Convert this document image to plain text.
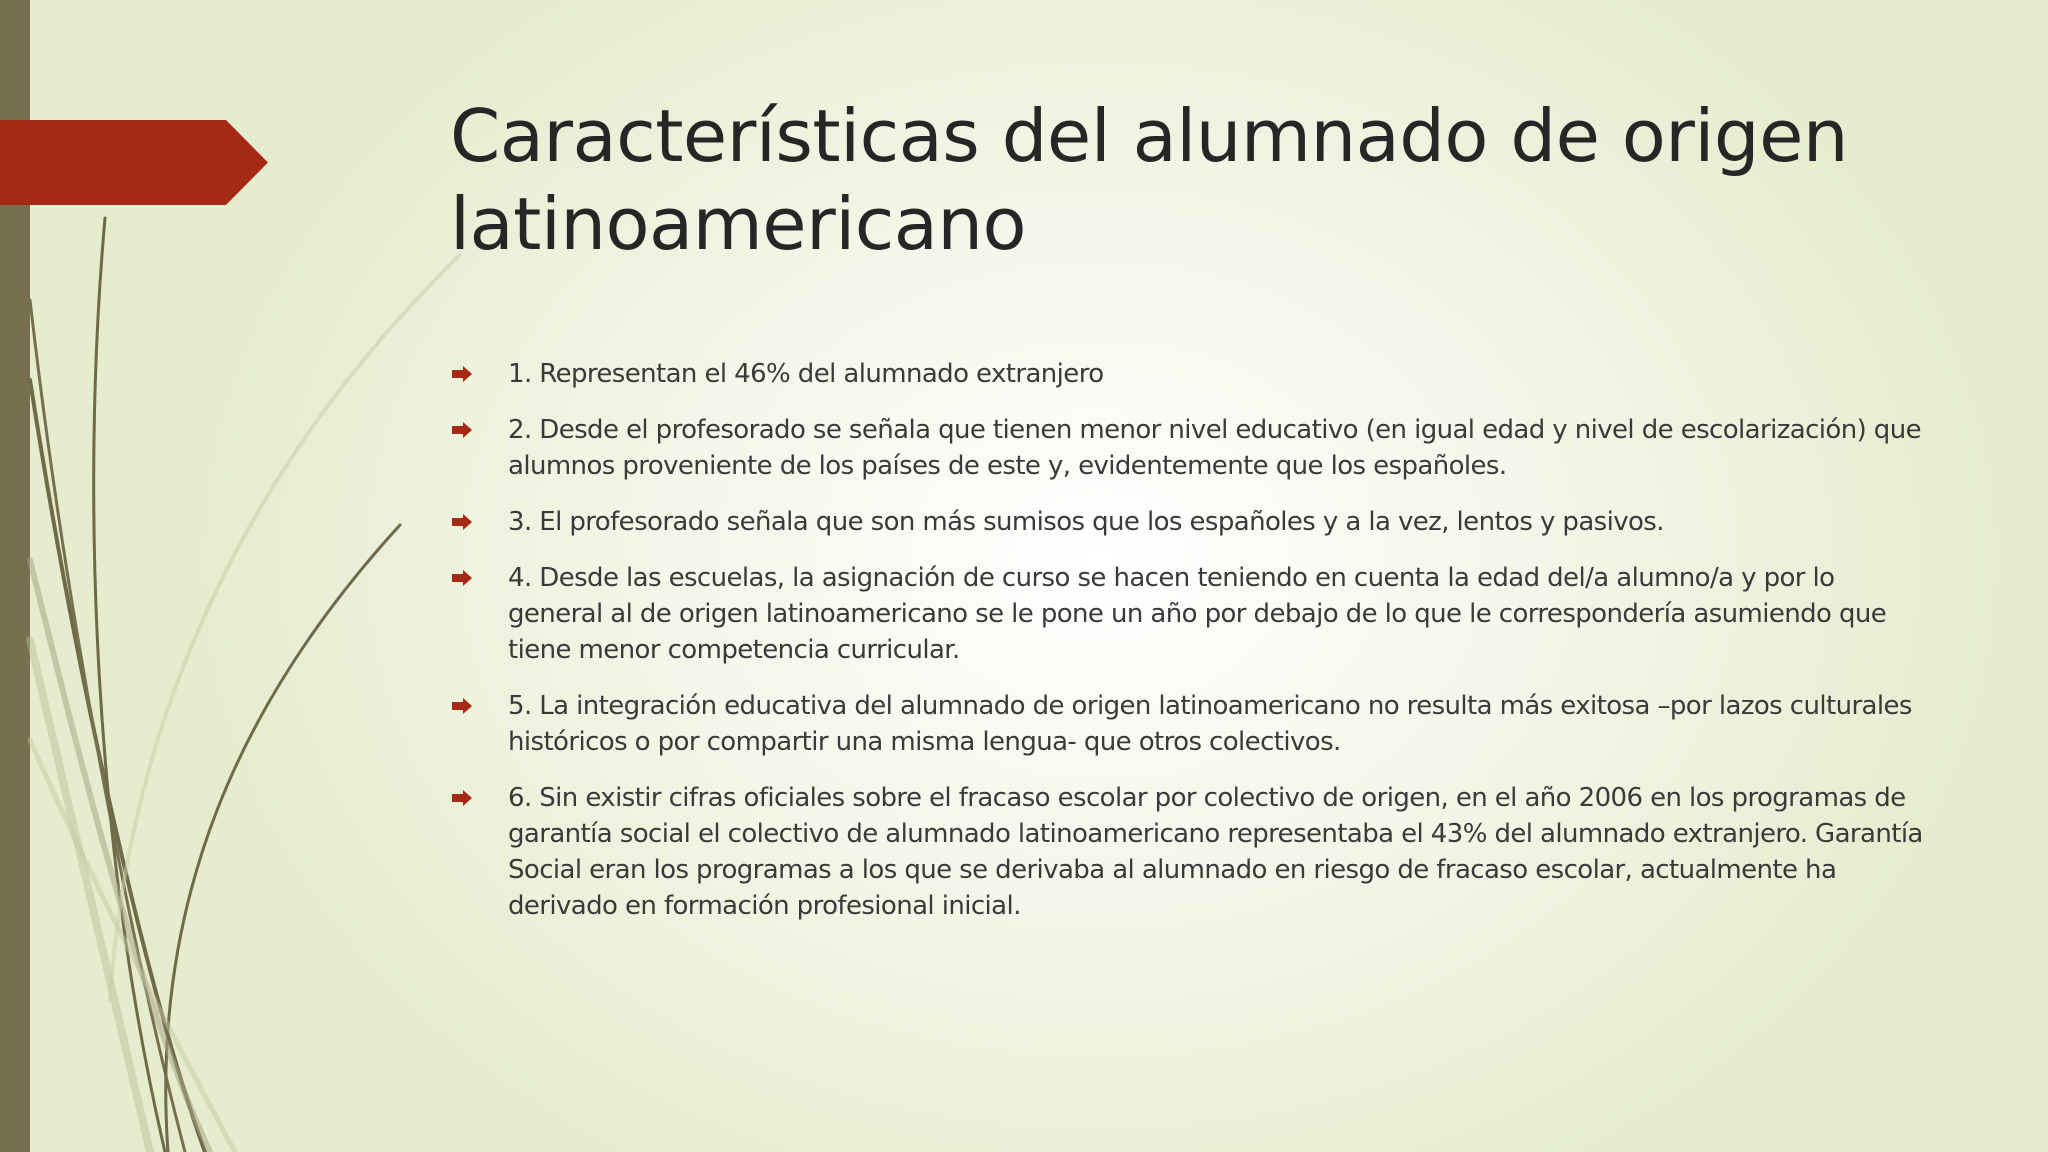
Características del alumnado de origen latinoamericano
1. Representan el 46% del alumnado extranjero
2. Desde el profesorado se señala que tienen menor nivel educativo (en igual edad y nivel de escolarización) que alumnos proveniente de los países de este y, evidentemente que los españoles.
3. El profesorado señala que son más sumisos que los españoles y a la vez, lentos y pasivos.
4. Desde las escuelas, la asignación de curso se hacen teniendo en cuenta la edad del/a alumno/a y por lo general al de origen latinoamericano se le pone un año por debajo de lo que le correspondería asumiendo que tiene menor competencia curricular.
5. La integración educativa del alumnado de origen latinoamericano no resulta más exitosa –por lazos culturales históricos o por compartir una misma lengua- que otros colectivos.
6. Sin existir cifras oficiales sobre el fracaso escolar por colectivo de origen, en el año 2006 en los programas de garantía social el colectivo de alumnado latinoamericano representaba el 43% del alumnado extranjero. Garantía Social eran los programas a los que se derivaba al alumnado en riesgo de fracaso escolar, actualmente ha derivado en formación profesional inicial.
